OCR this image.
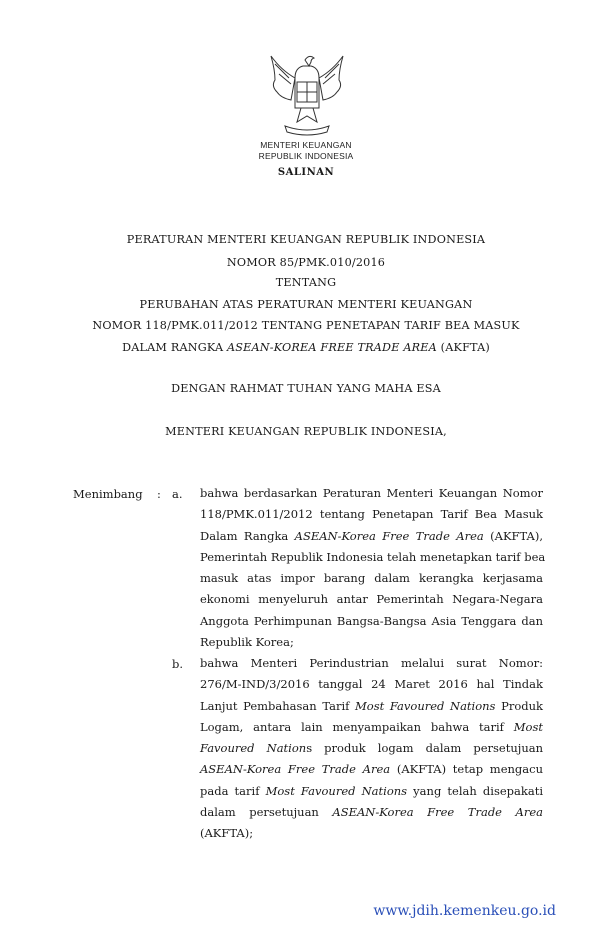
MENTERI KEUANGAN
REPUBLIK INDONESIA
SALINAN
PERATURAN MENTERI KEUANGAN REPUBLIK INDONESIA
NOMOR 85/PMK.010/2016
TENTANG
PERUBAHAN ATAS PERATURAN MENTERI KEUANGAN
NOMOR 118/PMK.011/2012 TENTANG PENETAPAN TARIF BEA MASUK
DALAM RANGKA ASEAN-KOREA FREE TRADE AREA (AKFTA)
DENGAN RAHMAT TUHAN YANG MAHA ESA
MENTERI KEUANGAN REPUBLIK INDONESIA,
Menimbang : a. bahwa berdasarkan Peraturan Menteri Keuangan Nomor
118/PMK.011/2012 tentang Penetapan Tarif Bea Masuk
Dalam Rangka ASEAN-Korea Free Trade Area (AKFTA),
Pemerintah Republik Indonesia telah menetapkan tarif bea
masuk atas impor barang dalam kerangka kerjasama
ekonomi menyeluruh antar Pemerintah Negara-Negara
Anggota Perhimpunan Bangsa-Bangsa Asia Tenggara dan
Republik Korea;
b. bahwa Menteri Perindustrian melalui surat Nomor:
276/M-IND/3/2016 tanggal 24 Maret 2016 hal Tindak
Lanjut Pembahasan Tarif Most Favoured Nations Produk
Logam, antara lain menyampaikan bahwa tarif Most
Favoured Nations produk logam dalam persetujuan
ASEAN-Korea Free Trade Area (AKFTA) tetap mengacu
pada tarif Most Favoured Nations yang telah disepakati
dalam persetujuan ASEAN-Korea Free Trade Area
(AKFTA);
www.jdih.kemenkeu.go.id
